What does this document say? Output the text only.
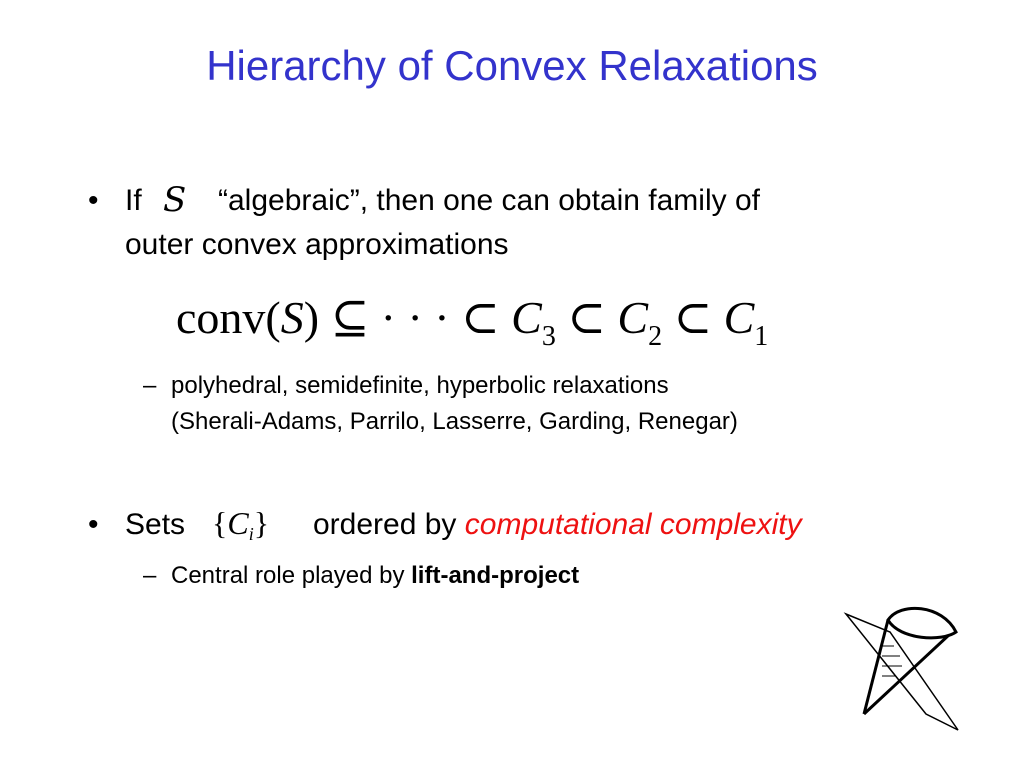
Hierarchy of Convex Relaxations
• If S “algebraic”, then one can obtain family of
outer convex approximations
conv(S) ⊆ · · · ⊂ $C_3$ ⊂ $C_2$ ⊂ $C_1$
– polyhedral, semidefinite, hyperbolic relaxations
(Sherali-Adams, Parrilo, Lasserre, Garding, Renegar)
• Sets $\{C_i\}$ ordered by computational complexity
– Central role played by lift-and-project
